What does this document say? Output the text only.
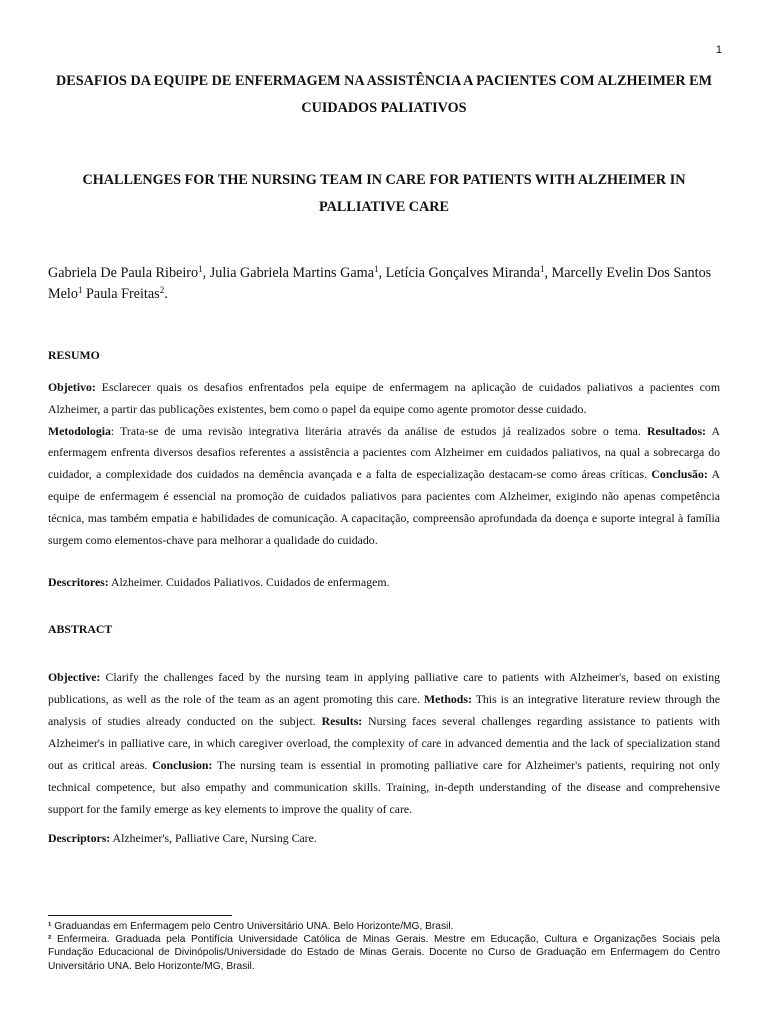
1
DESAFIOS DA EQUIPE DE ENFERMAGEM NA ASSISTÊNCIA A PACIENTES COM ALZHEIMER EM CUIDADOS PALIATIVOS
CHALLENGES FOR THE NURSING TEAM IN CARE FOR PATIENTS WITH ALZHEIMER IN PALLIATIVE CARE
Gabriela De Paula Ribeiro$^1$, Julia Gabriela Martins Gama$^1$, Letícia Gonçalves Miranda$^1$, Marcelly Evelin Dos Santos Melo$^1$ Paula Freitas$^2$.
RESUMO
Objetivo: Esclarecer quais os desafios enfrentados pela equipe de enfermagem na aplicação de cuidados paliativos a pacientes com Alzheimer, a partir das publicações existentes, bem como o papel da equipe como agente promotor desse cuidado.
Metodologia: Trata-se de uma revisão integrativa literária através da análise de estudos já realizados sobre o tema. Resultados: A enfermagem enfrenta diversos desafios referentes a assistência a pacientes com Alzheimer em cuidados paliativos, na qual a sobrecarga do cuidador, a complexidade dos cuidados na demência avançada e a falta de especialização destacam-se como áreas críticas. Conclusão: A equipe de enfermagem é essencial na promoção de cuidados paliativos para pacientes com Alzheimer, exigindo não apenas competência técnica, mas também empatia e habilidades de comunicação. A capacitação, compreensão aprofundada da doença e suporte integral à família surgem como elementos-chave para melhorar a qualidade do cuidado.
Descritores: Alzheimer. Cuidados Paliativos. Cuidados de enfermagem.
ABSTRACT
Objective: Clarify the challenges faced by the nursing team in applying palliative care to patients with Alzheimer's, based on existing publications, as well as the role of the team as an agent promoting this care. Methods: This is an integrative literature review through the analysis of studies already conducted on the subject. Results: Nursing faces several challenges regarding assistance to patients with Alzheimer's in palliative care, in which caregiver overload, the complexity of care in advanced dementia and the lack of specialization stand out as critical areas. Conclusion: The nursing team is essential in promoting palliative care for Alzheimer's patients, requiring not only technical competence, but also empathy and communication skills. Training, in-depth understanding of the disease and comprehensive support for the family emerge as key elements to improve the quality of care.
Descriptors: Alzheimer's, Palliative Care, Nursing Care.

¹ Graduandas em Enfermagem pelo Centro Universitário UNA. Belo Horizonte/MG, Brasil.

² Enfermeira. Graduada pela Pontifícia Universidade Católica de Minas Gerais. Mestre em Educação, Cultura e Organizações Sociais pela Fundação Educacional de Divinópolis/Universidade do Estado de Minas Gerais. Docente no Curso de Graduação em Enfermagem do Centro Universitário UNA. Belo Horizonte/MG, Brasil.
